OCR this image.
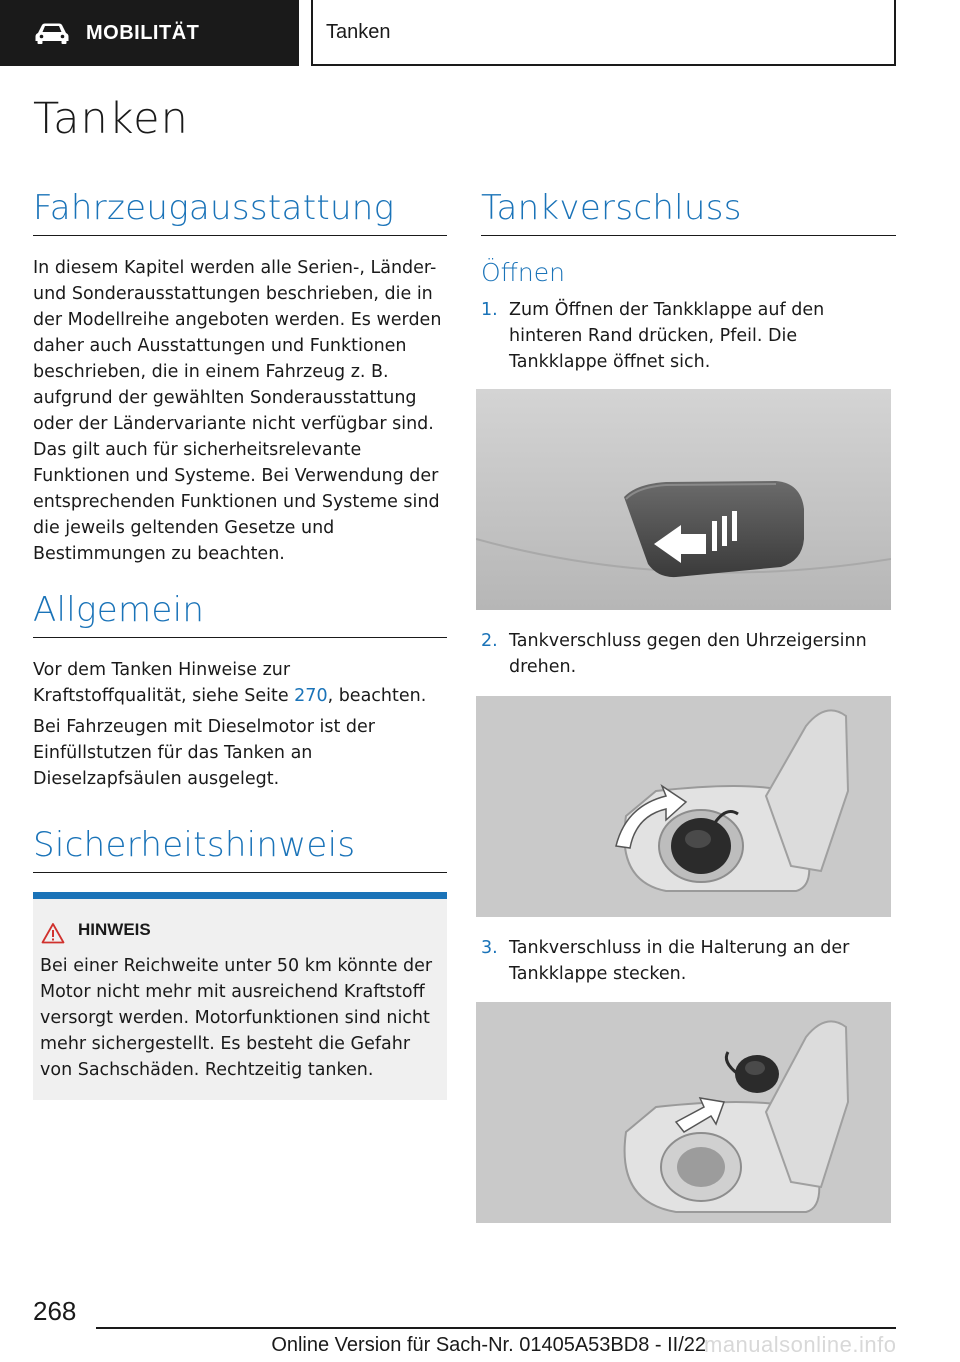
MOBILITÄT	Tanken
Tanken
Fahrzeugausstattung

In diesem Kapitel werden alle Serien-, Länder- und Sonderausstattungen beschrieben, die in der Modellreihe angeboten werden. Es werden daher auch Ausstattungen und Funktionen beschrieben, die in einem Fahrzeug z. B. aufgrund der gewählten Sonderausstattung oder der Ländervariante nicht verfügbar sind. Das gilt auch für sicherheitsrelevante Funktionen und Systeme. Bei Verwendung der entsprechenden Funktionen und Systeme sind die jeweils geltenden Gesetze und Bestimmungen zu beachten.

Allgemein

Vor dem Tanken Hinweise zur Kraftstoffqualität, siehe Seite 270, beachten.

Bei Fahrzeugen mit Dieselmotor ist der Einfüllstutzen für das Tanken an Dieselzapfsäulen ausgelegt.

Sicherheitshinweis
HINWEIS
Bei einer Reichweite unter 50 km könnte der Motor nicht mehr mit ausreichend Kraftstoff versorgt werden. Motorfunktionen sind nicht mehr sichergestellt. Es besteht die Gefahr von Sachschäden. Rechtzeitig tanken.
Tankverschluss
Öffnen
1. Zum Öffnen der Tankklappe auf den hinteren Rand drücken, Pfeil. Die Tankklappe öffnet sich.
2. Tankverschluss gegen den Uhrzeigersinn drehen.
3. Tankverschluss in die Halterung an der Tankklappe stecken.
268
Online Version für Sach-Nr. 01405A53BD8 - II/22
manualsonline.info
